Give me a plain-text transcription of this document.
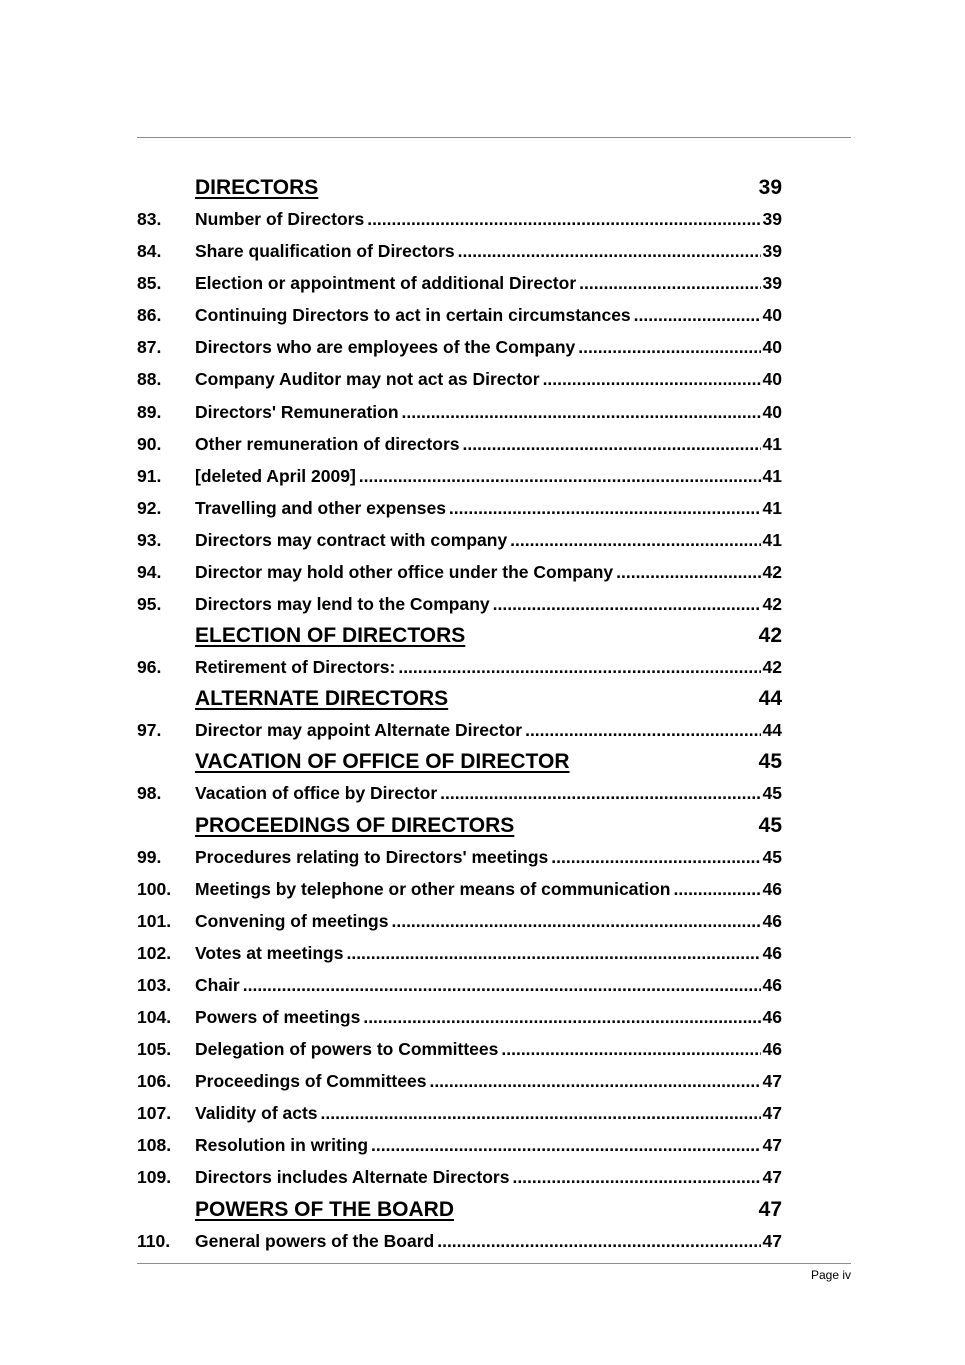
DIRECTORS	39
83. Number of Directors .....	39
84. Share qualification of Directors .....	39
85. Election or appointment of additional Director .....	39
86. Continuing Directors to act in certain circumstances .....	40
87. Directors who are employees of the Company .....	40
88. Company Auditor may not act as Director .....	40
89. Directors' Remuneration .....	40
90. Other remuneration of directors .....	41
91. [deleted April 2009] .....	41
92. Travelling and other expenses .....	41
93. Directors may contract with company .....	41
94. Director may hold other office under the Company .....	42
95. Directors may lend to the Company .....	42
ELECTION OF DIRECTORS	42
96. Retirement of Directors: .....	42
ALTERNATE DIRECTORS	44
97. Director may appoint Alternate Director .....	44
VACATION OF OFFICE OF DIRECTOR	45
98. Vacation of office by Director .....	45
PROCEEDINGS OF DIRECTORS	45
99. Procedures relating to Directors' meetings .....	45
100. Meetings by telephone or other means of communication .....	46
101. Convening of meetings .....	46
102. Votes at meetings .....	46
103. Chair .....	46
104. Powers of meetings .....	46
105. Delegation of powers to Committees .....	46
106. Proceedings of Committees .....	47
107. Validity of acts .....	47
108. Resolution in writing .....	47
109. Directors includes Alternate Directors .....	47
POWERS OF THE BOARD	47
110. General powers of the Board .....	47
Page iv
